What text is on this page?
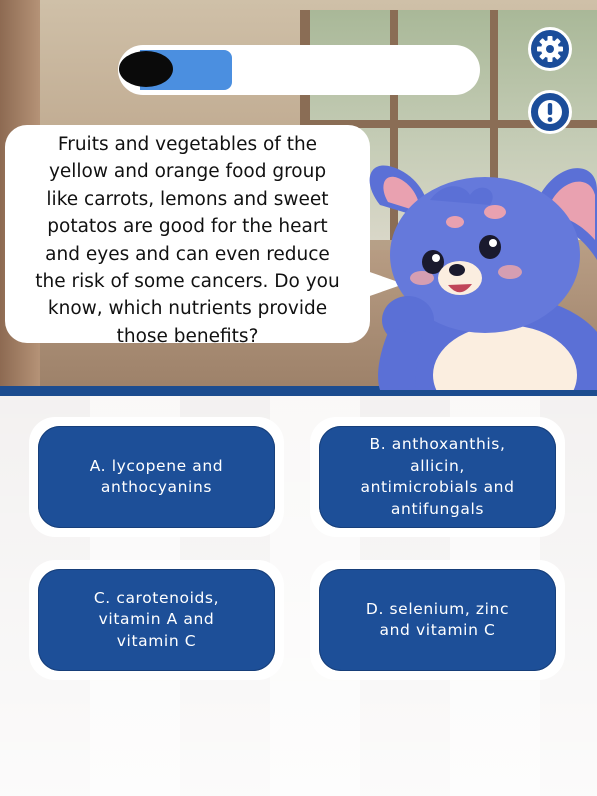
Fruits and vegetables of the
yellow and orange food group
like carrots, lemons and sweet
potatos are good for the heart
and eyes and can even reduce
the risk of some cancers. Do you
know, which nutrients provide
those benefits?

A. lycopene and
anthocyanins
B. anthoxanthis,
allicin,
antimicrobials and
antifungals
C. carotenoids,
vitamin A and
vitamin C
D. selenium, zinc
and vitamin C
